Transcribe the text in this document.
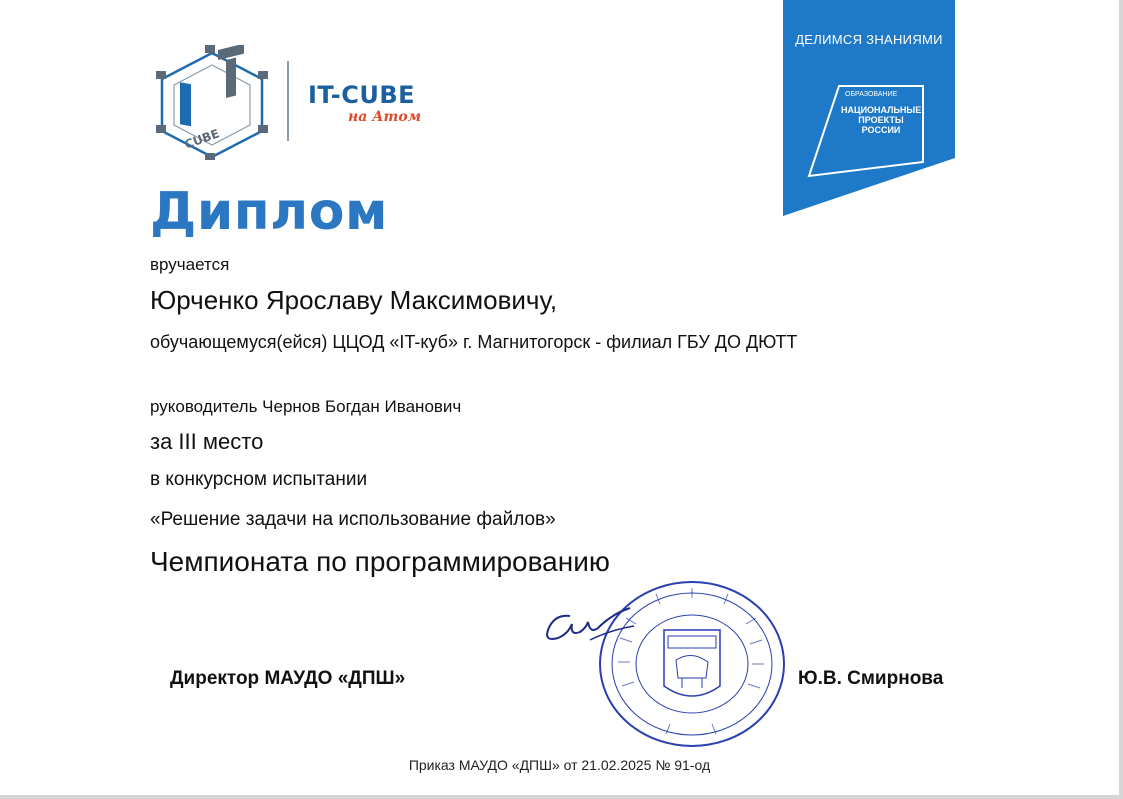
CUBE
IT-CUBE
на Атом
ДЕЛИМСЯ ЗНАНИЯМИ
ОБРАЗОВАНИЕ
НАЦИОНАЛЬНЫЕ
ПРОЕКТЫ
РОССИИ
Диплом
вручается
Юрченко Ярославу Максимовичу,
обучающемуся(ейся) ЦЦОД «IT-куб» г. Магнитогорск - филиал ГБУ ДО ДЮТТ
руководитель Чернов Богдан Иванович
за III место
в конкурсном испытании
«Решение задачи на использование файлов»
Чемпионата по программированию
Директор МАУДО «ДПШ»	Ю.В. Смирнова
Приказ МАУДО «ДПШ» от 21.02.2025 № 91-од
